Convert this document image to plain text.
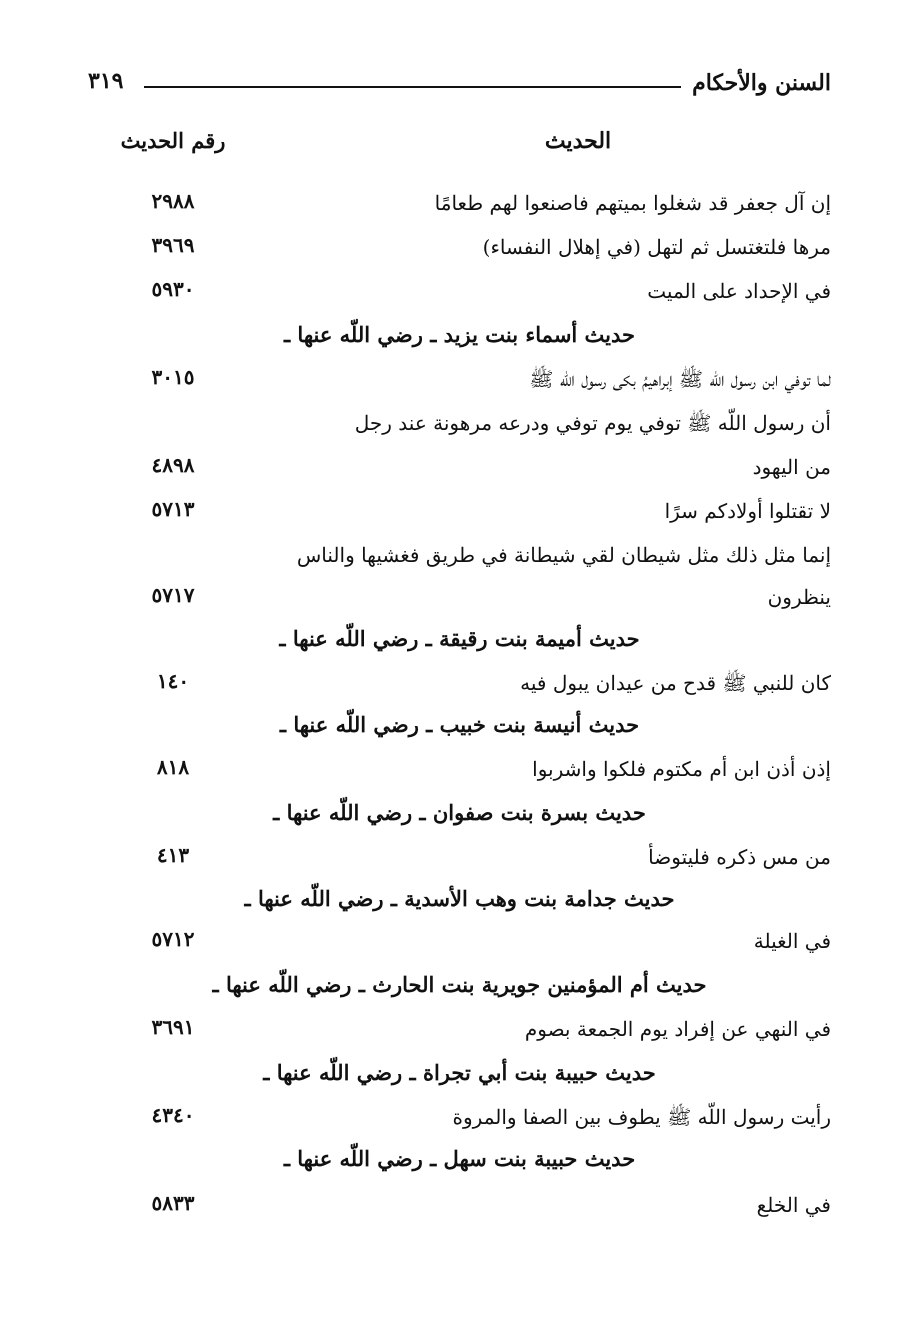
السنن والأحكام
٣١٩
الحديث
رقم الحديث
إن آل جعفر قد شغلوا بميتهم فاصنعوا لهم طعامًا
٢٩٨٨
مرها فلتغتسل ثم لتهل (في إهلال النفساء)
٣٩٦٩
في الإحداد على الميت
٥٩٣٠
حديث أسماء بنت يزيد ـ رضي اللّه عنها ـ
لما توفي ابن رسول اللّه ﷺ إبراهيمُ بكى رسول اللّه ﷺ
٣٠١٥
أن رسول اللّه ﷺ توفي يوم توفي ودرعه مرهونة عند رجل
من اليهود
٤٨٩٨
لا تقتلوا أولادكم سرًا
٥٧١٣
إنما مثل ذلك مثل شيطان لقي شيطانة في طريق فغشيها والناس
ينظرون
٥٧١٧
حديث أميمة بنت رقيقة ـ رضي اللّه عنها ـ
كان للنبي ﷺ قدح من عيدان يبول فيه
١٤٠
حديث أنيسة بنت خبيب ـ رضي اللّه عنها ـ
إذن أذن ابن أم مكتوم فلكوا واشربوا
٨١٨
حديث بسرة بنت صفوان ـ رضي اللّه عنها ـ
من مس ذكره فليتوضأ
٤١٣
حديث جدامة بنت وهب الأسدية ـ رضي اللّه عنها ـ
في الغيلة
٥٧١٢
حديث أم المؤمنين جويرية بنت الحارث ـ رضي اللّه عنها ـ
في النهي عن إفراد يوم الجمعة بصوم
٣٦٩١
حديث حبيبة بنت أبي تجراة ـ رضي اللّه عنها ـ
رأيت رسول اللّه ﷺ يطوف بين الصفا والمروة
٤٣٤٠
حديث حبيبة بنت سهل ـ رضي اللّه عنها ـ
في الخلع
٥٨٣٣
